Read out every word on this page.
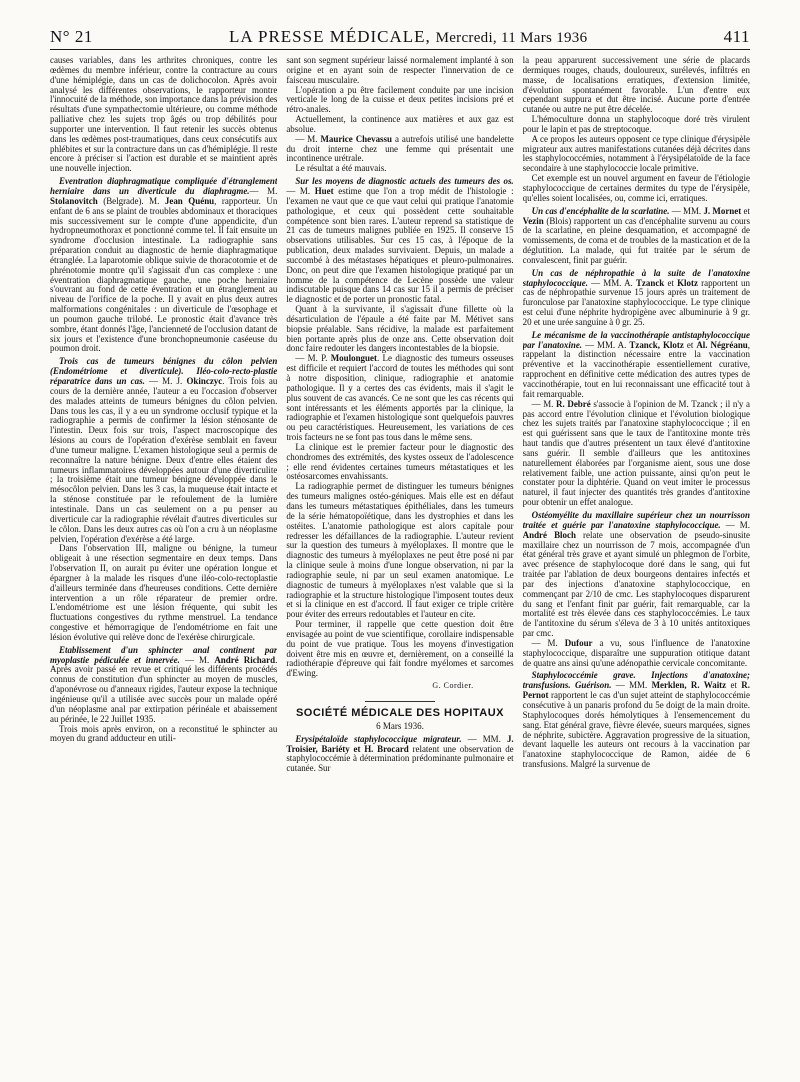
N° 21	LA PRESSE MÉDICALE, Mercredi, 11 Mars 1936	411

causes variables, dans les arthrites chroniques, contre les œdèmes du membre inférieur, contre la contracture au cours d'une hémiplégie, dans un cas de dolichocolon. Après avoir analysé les différentes observations, le rapporteur montre l'innocuité de la méthode, son importance dans la prévision des résultats d'une sympathectomie ultérieure, ou comme méthode palliative chez les sujets trop âgés ou trop débilités pour supporter une intervention. Il faut retenir les succès obtenus dans les œdèmes post-traumatiques, dans ceux consécutifs aux phlébites et sur la contracture dans un cas d'hémiplégie. Il reste encore à préciser si l'action est durable et se maintient après une nouvelle injection.

Eventration diaphragmatique compliquée d'étranglement herniaire dans un diverticule du diaphragme.— M. Stolanovitch (Belgrade). M. Jean Quénu, rapporteur. Un enfant de 6 ans se plaint de troubles abdominaux et thoraciques mis successivement sur le compte d'une appendicite, d'un hydropneumothorax et ponctionné comme tel. Il fait ensuite un syndrome d'occlusion intestinale. La radiographie sans préparation conduit au diagnostic de hernie diaphragmatique étranglée. La laparotomie oblique suivie de thoracotomie et de phrénotomie montre qu'il s'agissait d'un cas complexe : une éventration diaphragmatique gauche, une poche herniaire s'ouvrant au fond de cette éventration et un étranglement au niveau de l'orifice de la poche. Il y avait en plus deux autres malformations congénitales : un diverticule de l'œsophage et un poumon gauche trilobé. Le pronostic était d'avance très sombre, étant donnés l'âge, l'ancienneté de l'occlusion datant de six jours et l'existence d'une bronchopneumonie caséeuse du poumon droit.

Trois cas de tumeurs bénignes du côlon pelvien (Endométriome et diverticule). Iléo-colo-recto-plastie réparatrice dans un cas. — M. J. Okinczyc. Trois fois au cours de la dernière année, l'auteur a eu l'occasion d'observer des malades atteints de tumeurs bénignes du côlon pelvien. Dans tous les cas, il y a eu un syndrome occlusif typique et la radiographie a permis de confirmer la lésion sténosante de l'intestin. Deux fois sur trois, l'aspect macroscopique des lésions au cours de l'opération d'exérèse semblait en faveur d'une tumeur maligne. L'examen histologique seul a permis de reconnaître la nature bénigne. Deux d'entre elles étaient des tumeurs inflammatoires développées autour d'une diverticulite ; la troisième était une tumeur bénigne développée dans le mésocôlon pelvien. Dans les 3 cas, la muqueuse était intacte et la sténose constituée par le refoulement de la lumière intestinale. Dans un cas seulement on a pu penser au diverticule car la radiographie révélait d'autres diverticules sur le côlon. Dans les deux autres cas où l'on a cru à un néoplasme pelvien, l'opération d'exérèse a été large.

Dans l'observation III, maligne ou bénigne, la tumeur obligeait à une résection segmentaire en deux temps. Dans l'observation II, on aurait pu éviter une opération longue et épargner à la malade les risques d'une iléo-colo-rectoplastie d'ailleurs terminée dans d'heureuses conditions. Cette dernière intervention a un rôle réparateur de premier ordre. L'endométriome est une lésion fréquente, qui subit les fluctuations congestives du rythme menstruel. La tendance congestive et hémorragique de l'endométriome en fait une lésion évolutive qui relève donc de l'exérèse chirurgicale.

Etablissement d'un sphincter anal continent par myoplastie pédiculée et innervée. — M. André Richard. Après avoir passé en revue et critiqué les différents procédés connus de constitution d'un sphincter au moyen de muscles, d'aponévrose ou d'anneaux rigides, l'auteur expose la technique ingénieuse qu'il a utilisée avec succès pour un malade opéré d'un néoplasme anal par extirpation périnéale et abaissement au périnée, le 22 Juillet 1935.

Trois mois après environ, on a reconstitué le sphincter au moyen du grand adducteur en utili-

sant son segment supérieur laissé normalement implanté à son origine et en ayant soin de respecter l'innervation de ce faisceau musculaire.

L'opération a pu être facilement conduite par une incision verticale le long de la cuisse et deux petites incisions pré et rétro-anales.

Actuellement, la continence aux matières et aux gaz est absolue.

— M. Maurice Chevassu a autrefois utilisé une bandelette du droit interne chez une femme qui présentait une incontinence urétrale.

Le résultat a été mauvais.

Sur les moyens de diagnostic actuels des tumeurs des os. — M. Huet estime que l'on a trop médit de l'histologie : l'examen ne vaut que ce que vaut celui qui pratique l'anatomie pathologique, et ceux qui possèdent cette souhaitable compétence sont bien rares. L'auteur reprend sa statistique de 21 cas de tumeurs malignes publiée en 1925. Il conserve 15 observations utilisables. Sur ces 15 cas, à l'époque de la publication, deux malades survivaient. Depuis, un malade a succombé à des métastases hépatiques et pleuro-pulmonaires. Donc, on peut dire que l'examen histologique pratiqué par un homme de la compétence de Lecène possède une valeur indiscutable puisque dans 14 cas sur 15 il a permis de préciser le diagnostic et de porter un pronostic fatal.

Quant à la survivante, il s'agissait d'une fillette où la désarticulation de l'épaule a été faite par M. Métivet sans biopsie préalable. Sans récidive, la malade est parfaitement bien portante après plus de onze ans. Cette observation doit donc faire redouter les dangers incontestables de la biopsie.

— M. P. Moulonguet. Le diagnostic des tumeurs osseuses est difficile et requiert l'accord de toutes les méthodes qui sont à notre disposition, clinique, radiographie et anatomie pathologique. Il y a certes des cas évidents, mais il s'agit le plus souvent de cas avancés. Ce ne sont que les cas récents qui sont intéressants et les éléments apportés par la clinique, la radiographie et l'examen histologique sont quelquefois pauvres ou peu caractéristiques. Heureusement, les variations de ces trois facteurs ne se font pas tous dans le même sens.

La clinique est le premier facteur pour le diagnostic des chondromes des extrémités, des kystes osseux de l'adolescence ; elle rend évidentes certaines tumeurs métastatiques et les ostéosarcomes envahissants.

La radiographie permet de distinguer les tumeurs bénignes des tumeurs malignes ostéo-géniques. Mais elle est en défaut dans les tumeurs métastatiques épithéliales, dans les tumeurs de la série hématopoïétique, dans les dystrophies et dans les ostéites. L'anatomie pathologique est alors capitale pour redresser les défaillances de la radiographie. L'auteur revient sur la question des tumeurs à myéloplaxes. Il montre que le diagnostic des tumeurs à myéloplaxes ne peut être posé ni par la clinique seule à moins d'une longue observation, ni par la radiographie seule, ni par un seul examen anatomique. Le diagnostic de tumeurs à myéloplaxes n'est valable que si la radiographie et la structure histologique l'imposent toutes deux et si la clinique en est d'accord. Il faut exiger ce triple critère pour éviter des erreurs redoutables et l'auteur en cite.

Pour terminer, il rappelle que cette question doit être envisagée au point de vue scientifique, corollaire indispensable du point de vue pratique. Tous les moyens d'investigation doivent être mis en œuvre et, dernièrement, on a conseillé la radiothérapie d'épreuve qui fait fondre myélomes et sarcomes d'Ewing.

G. Cordier.
SOCIÉTÉ MÉDICALE DES HOPITAUX
6 Mars 1936.

Erysipétaloïde staphylococcique migrateur. — MM. J. Troisier, Bariéty et H. Brocard relatent une observation de staphylococcémie à détermination prédominante pulmonaire et cutanée. Sur

la peau apparurent successivement une série de placards dermiques rouges, chauds, douloureux, surélevés, infiltrés en masse, de localisations erratiques, d'extension limitée, d'évolution spontanément favorable. L'un d'entre eux cependant suppura et dut être incisé. Aucune porte d'entrée cutanée ou autre ne put être décelée.

L'hémoculture donna un staphylocoque doré très virulent pour le lapin et pas de streptocoque.

A ce propos les auteurs opposent ce type clinique d'érysipèle migrateur aux autres manifestations cutanées déjà décrites dans les staphylococcémies, notamment à l'érysipélatoïde de la face secondaire à une staphylococcie locale primitive.

Cet exemple est un nouvel argument en faveur de l'étiologie staphylococcique de certaines dermites du type de l'érysipèle, qu'elles soient localisées, ou, comme ici, erratiques.

Un cas d'encéphalite de la scarlatine. — MM. J. Mornet et Vezin (Blois) rapportent un cas d'encéphalite survenu au cours de la scarlatine, en pleine desquamation, et accompagné de vomissements, de coma et de troubles de la mastication et de la déglutition. La malade, qui fut traitée par le sérum de convalescent, finit par guérir.

Un cas de néphropathie à la suite de l'anatoxine staphylococcique. — MM. A. Tzanck et Klotz rapportent un cas de néphropathie survenue 15 jours après un traitement de furonculose par l'anatoxine staphylococcique. Le type clinique est celui d'une néphrite hydropigène avec albuminurie à 9 gr. 20 et une urée sanguine à 0 gr. 25.

Le mécanisme de la vaccinothérapie antistaphylococcique par l'anatoxine. — MM. A. Tzanck, Klotz et Al. Négréanu, rappelant la distinction nécessaire entre la vaccination préventive et la vaccinothérapie essentiellement curative, rapprochent en définitive cette médication des autres types de vaccinothérapie, tout en lui reconnaissant une efficacité tout à fait remarquable.

— M. R. Debré s'associe à l'opinion de M. Tzanck ; il n'y a pas accord entre l'évolution clinique et l'évolution biologique chez les sujets traités par l'anatoxine staphylococcique ; il en est qui guérissent sans que le taux de l'antitoxine monte très haut tandis que d'autres présentent un taux élevé d'antitoxine sans guérir. Il semble d'ailleurs que les antitoxines naturellement élaborées par l'organisme aient, sous une dose relativement faible, une action puissante, ainsi qu'on peut le constater pour la diphtérie. Quand on veut imiter le processus naturel, il faut injecter des quantités très grandes d'antitoxine pour obtenir un effet analogue.

Ostéomyélite du maxillaire supérieur chez un nourrisson traitée et guérie par l'anatoxine staphylococcique. — M. André Bloch relate une observation de pseudo-sinusite maxillaire chez un nourrisson de 7 mois, accompagnée d'un état général très grave et ayant simulé un phlegmon de l'orbite, avec présence de staphylocoque doré dans le sang, qui fut traitée par l'ablation de deux bourgeons dentaires infectés et par des injections d'anatoxine staphylococcique, en commençant par 2/10 de cmc. Les staphylocoques disparurent du sang et l'enfant finit par guérir, fait remarquable, car la mortalité est très élevée dans ces staphylococcémies. Le taux de l'antitoxine du sérum s'éleva de 3 à 10 unités antitoxiques par cmc.

— M. Dufour a vu, sous l'influence de l'anatoxine staphylococcique, disparaître une suppuration otitique datant de quatre ans ainsi qu'une adénopathie cervicale concomitante.

Staphylococcémie grave. Injections d'anatoxine; transfusions. Guérison. — MM. Merklen, R. Waitz et R. Pernot rapportent le cas d'un sujet atteint de staphylococcémie consécutive à un panaris profond du 5e doigt de la main droite. Staphylocoques dorés hémolytiques à l'ensemencement du sang. Etat général grave, fièvre élevée, sueurs marquées, signes de néphrite, subictère. Aggravation progressive de la situation, devant laquelle les auteurs ont recours à la vaccination par l'anatoxine staphylococcique de Ramon, aidée de 6 transfusions. Malgré la survenue de
